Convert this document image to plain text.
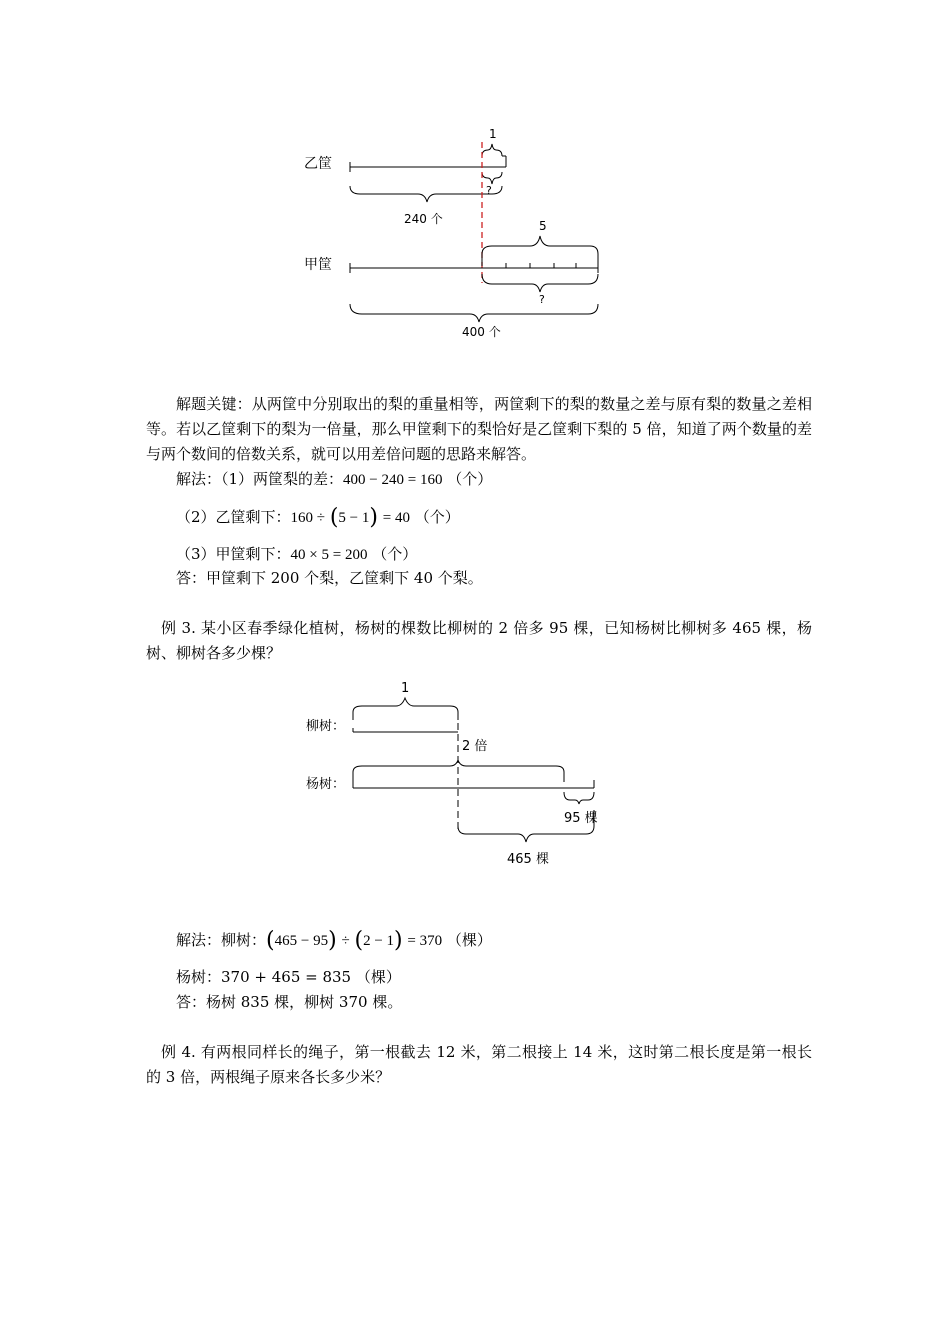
乙筐
甲筐
1
?
240 个	5
?
400 个
解题关键：从两筐中分别取出的梨的重量相等，两筐剩下的梨的数量之差与原有梨的数量之差相等。若以乙筐剩下的梨为一倍量，那么甲筐剩下的梨恰好是乙筐剩下梨的 5 倍，知道了两个数量的差与两个数间的倍数关系，就可以用差倍问题的思路来解答。
解法：（1）两筐梨的差：400 − 240 = 160 （个）
（2）乙筐剩下：160 ÷ (5 − 1) = 40 （个）
（3）甲筐剩下：40 × 5 = 200 （个）
答：甲筐剩下 200 个梨，乙筐剩下 40 个梨。
例 3. 某小区春季绿化植树，杨树的棵数比柳树的 2 倍多 95 棵，已知杨树比柳树多 465 棵，杨树、柳树各多少棵？
1
柳树：
2 倍
杨树：
95 棵
465 棵
解法：柳树：(465 − 95) ÷ (2 − 1) = 370 （棵）
杨树：370 + 465 = 835 （棵）
答：杨树 835 棵，柳树 370 棵。
例 4. 有两根同样长的绳子，第一根截去 12 米，第二根接上 14 米，这时第二根长度是第一根长的 3 倍，两根绳子原来各长多少米？
